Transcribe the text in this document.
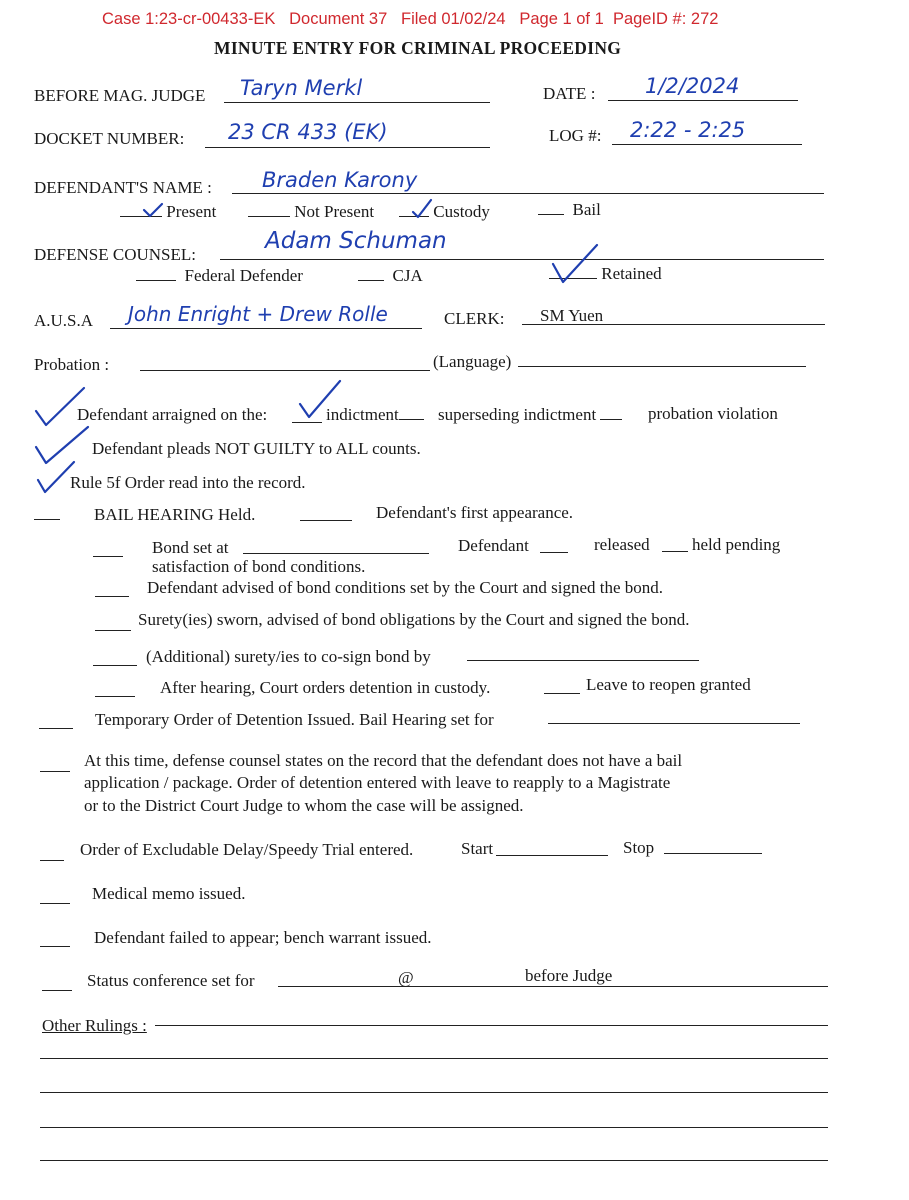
Case 1:23-cr-00433-EK Document 37 Filed 01/02/24 Page 1 of 1 PageID #: 272
MINUTE ENTRY FOR CRIMINAL PROCEEDING
BEFORE MAG. JUDGE Taryn Merkl	DATE : 1/2/2024
DOCKET NUMBER: 23 CR 433 (EK)	LOG #: 2:22 - 2:25
DEFENDANT'S NAME : Braden Karony
Present	Not Present	Custody	Bail
DEFENSE COUNSEL:
Adam Schuman
Federal Defender	CJA	Retained
A.U.S.A John Enright + Drew Rolle	CLERK: SM Yuen
Probation :	(Language)
Defendant arraigned on the:	indictment	superseding indictment	probation violation
Defendant pleads NOT GUILTY to ALL counts.
Rule 5f Order read into the record.
BAIL HEARING Held.	Defendant's first appearance.
Bond set at	Defendant	released held pending
satisfaction of bond conditions.
Defendant advised of bond conditions set by the Court and signed the bond.
Surety(ies) sworn, advised of bond obligations by the Court and signed the bond.
(Additional) surety/ies to co-sign bond by
After hearing, Court orders detention in custody.	Leave to reopen granted
Temporary Order of Detention Issued. Bail Hearing set for
At this time, defense counsel states on the record that the defendant does not have a bail
application / package. Order of detention entered with leave to reapply to a Magistrate
or to the District Court Judge to whom the case will be assigned.
Order of Excludable Delay/Speedy Trial entered.	Start	Stop
Medical memo issued.
Defendant failed to appear; bench warrant issued.
Status conference set for	@	before Judge
Other Rulings :
